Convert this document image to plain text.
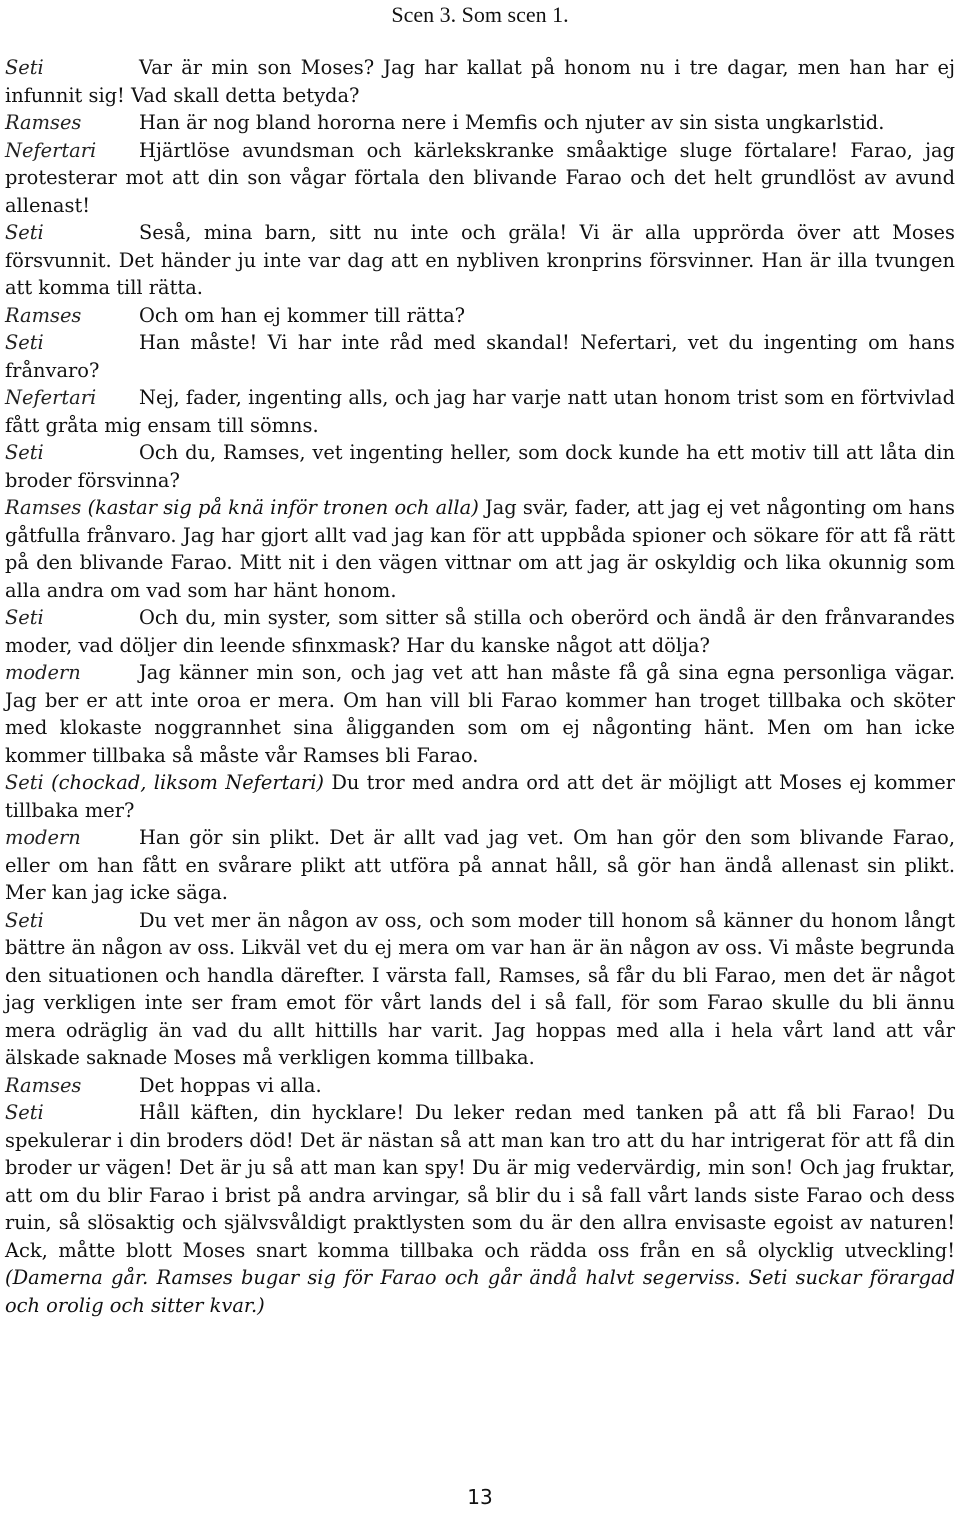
Scen 3. Som scen 1.

Seti	Var är min son Moses? Jag har kallat på honom nu i tre dagar, men han har ej infunnit sig! Vad skall detta betyda?

Ramses	Han är nog bland hororna nere i Memfis och njuter av sin sista ungkarlstid.

Nefertari Hjärtlöse avundsman och kärlekskranke småaktige sluge förtalare! Farao, jag protesterar mot att din son vågar förtala den blivande Farao och det helt grundlöst av avund allenast!

Seti	Seså, mina barn, sitt nu inte och gräla! Vi är alla upprörda över att Moses försvunnit. Det händer ju inte var dag att en nybliven kronprins försvinner. Han är illa tvungen att komma till rätta.

Ramses	Och om han ej kommer till rätta?

Seti	Han måste! Vi har inte råd med skandal! Nefertari, vet du ingenting om hans frånvaro?

Nefertari Nej, fader, ingenting alls, och jag har varje natt utan honom trist som en förtvivlad fått gråta mig ensam till sömns.

Seti	Och du, Ramses, vet ingenting heller, som dock kunde ha ett motiv till att låta din broder försvinna?

Ramses (kastar sig på knä inför tronen och alla) Jag svär, fader, att jag ej vet någonting om hans gåtfulla frånvaro. Jag har gjort allt vad jag kan för att uppbåda spioner och sökare för att få rätt på den blivande Farao. Mitt nit i den vägen vittnar om att jag är oskyldig och lika okunnig som alla andra om vad som har hänt honom.

Seti	Och du, min syster, som sitter så stilla och oberörd och ändå är den frånvarandes moder, vad döljer din leende sfinxmask? Har du kanske något att dölja?

modern	Jag känner min son, och jag vet att han måste få gå sina egna personliga vägar. Jag ber er att inte oroa er mera. Om han vill bli Farao kommer han troget tillbaka och sköter med klokaste noggrannhet sina åligganden som om ej någonting hänt. Men om han icke kommer tillbaka så måste vår Ramses bli Farao.

Seti (chockad, liksom Nefertari) Du tror med andra ord att det är möjligt att Moses ej kommer tillbaka mer?

modern	Han gör sin plikt. Det är allt vad jag vet. Om han gör den som blivande Farao, eller om han fått en svårare plikt att utföra på annat håll, så gör han ändå allenast sin plikt. Mer kan jag icke säga.

Seti	Du vet mer än någon av oss, och som moder till honom så känner du honom långt bättre än någon av oss. Likväl vet du ej mera om var han är än någon av oss. Vi måste begrunda den situationen och handla därefter. I värsta fall, Ramses, så får du bli Farao, men det är något jag verkligen inte ser fram emot för vårt lands del i så fall, för som Farao skulle du bli ännu mera odräglig än vad du allt hittills har varit. Jag hoppas med alla i hela vårt land att vår älskade saknade Moses må verkligen komma tillbaka.

Ramses	Det hoppas vi alla.

Seti	Håll käften, din hycklare! Du leker redan med tanken på att få bli Farao! Du spekulerar i din broders död! Det är nästan så att man kan tro att du har intrigerat för att få din broder ur vägen! Det är ju så att man kan spy! Du är mig vedervärdig, min son! Och jag fruktar, att om du blir Farao i brist på andra arvingar, så blir du i så fall vårt lands siste Farao och dess ruin, så slösaktig och självsvåldigt praktlysten som du är den allra envisaste egoist av naturen! Ack, måtte blott Moses snart komma tillbaka och rädda oss från en så olycklig utveckling! (Damerna går. Ramses bugar sig för Farao och går ändå halvt segerviss. Seti suckar förargad och orolig och sitter kvar.)

13
